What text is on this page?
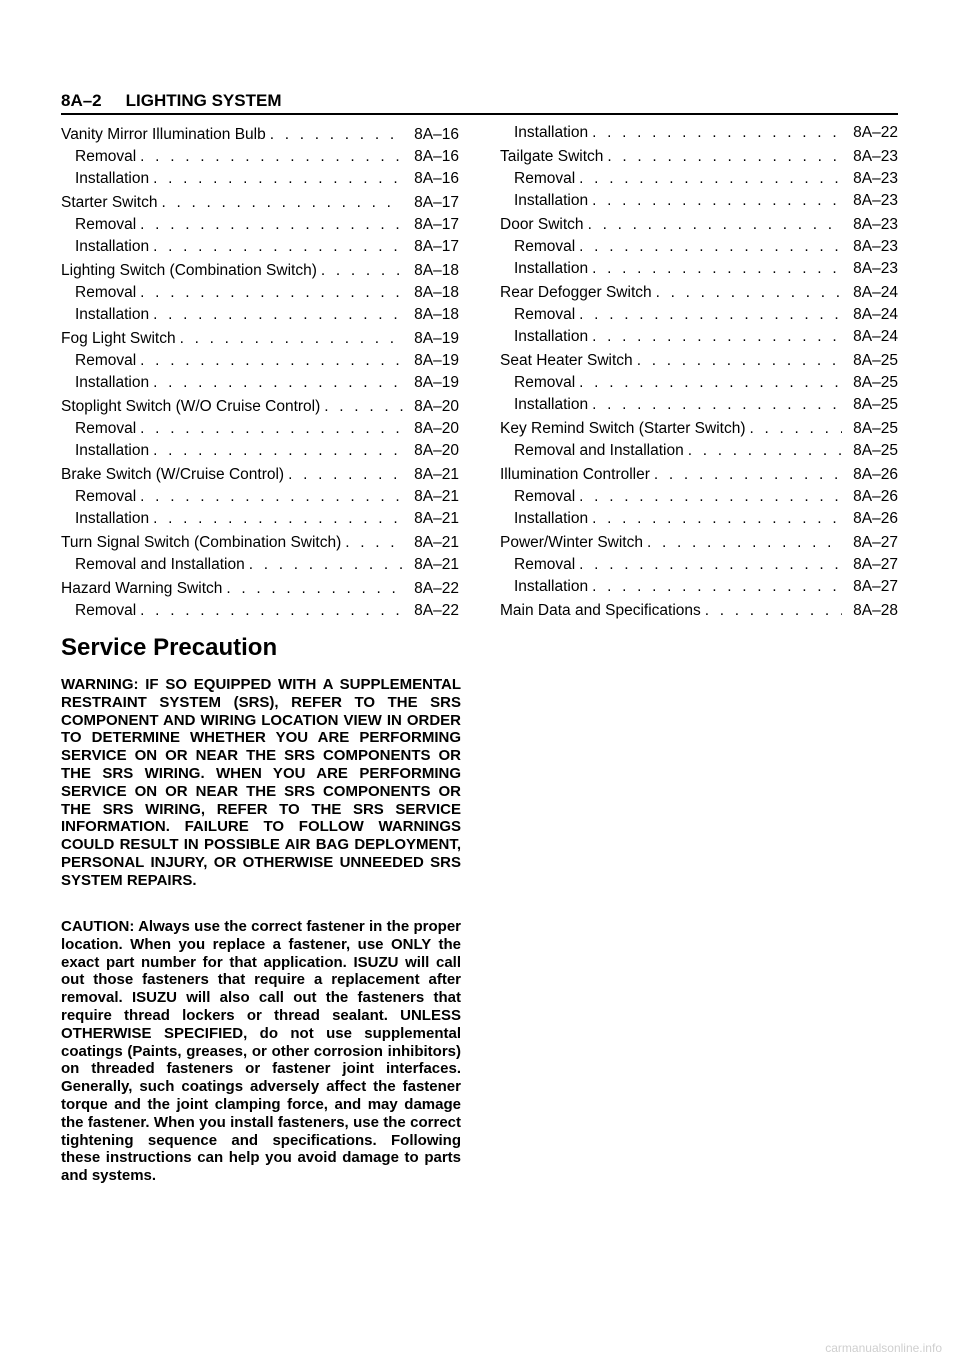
8A–2 LIGHTING SYSTEM
Vanity Mirror Illumination Bulb . . .	8A–16
Removal . . .	8A–16
Installation . . .	8A–16
Starter Switch . . .	8A–17
Removal . . .	8A–17
Installation . . .	8A–17
Lighting Switch (Combination Switch) . . .	8A–18
Removal . . .	8A–18
Installation . . .	8A–18
Fog Light Switch . . .	8A–19
Removal . . .	8A–19
Installation . . .	8A–19
Stoplight Switch (W/O Cruise Control) . . .	8A–20
Removal . . .	8A–20
Installation . . .	8A–20
Brake Switch (W/Cruise Control) . . .	8A–21
Removal . . .	8A–21
Installation . . .	8A–21
Turn Signal Switch (Combination Switch) . . .	8A–21
Removal and Installation . . .	8A–21
Hazard Warning Switch . . .	8A–22
Removal . . .	8A–22
Installation . . .	8A–22
Tailgate Switch . . .	8A–23
Removal . . .	8A–23
Installation . . .	8A–23
Door Switch . . .	8A–23
Removal . . .	8A–23
Installation . . .	8A–23
Rear Defogger Switch . . .	8A–24
Removal . . .	8A–24
Installation . . .	8A–24
Seat Heater Switch . . .	8A–25
Removal . . .	8A–25
Installation . . .	8A–25
Key Remind Switch (Starter Switch) . . .	8A–25
Removal and Installation . . .	8A–25
Illumination Controller . . .	8A–26
Removal . . .	8A–26
Installation . . .	8A–26
Power/Winter Switch . . .	8A–27
Removal . . .	8A–27
Installation . . .	8A–27
Main Data and Specifications . . .	8A–28
Service Precaution

WARNING: IF SO EQUIPPED WITH A SUPPLEMENTAL RESTRAINT SYSTEM (SRS), REFER TO THE SRS COMPONENT AND WIRING LOCATION VIEW IN ORDER TO DETERMINE WHETHER YOU ARE PERFORMING SERVICE ON OR NEAR THE SRS COMPONENTS OR THE SRS WIRING. WHEN YOU ARE PERFORMING SERVICE ON OR NEAR THE SRS COMPONENTS OR THE SRS WIRING, REFER TO THE SRS SERVICE INFORMATION. FAILURE TO FOLLOW WARNINGS COULD RESULT IN POSSIBLE AIR BAG DEPLOYMENT, PERSONAL INJURY, OR OTHERWISE UNNEEDED SRS SYSTEM REPAIRS.

CAUTION: Always use the correct fastener in the proper location. When you replace a fastener, use ONLY the exact part number for that application. ISUZU will call out those fasteners that require a replacement after removal. ISUZU will also call out the fasteners that require thread lockers or thread sealant. UNLESS OTHERWISE SPECIFIED, do not use supplemental coatings (Paints, greases, or other corrosion inhibitors) on threaded fasteners or fastener joint interfaces. Generally, such coatings adversely affect the fastener torque and the joint clamping force, and may damage the fastener. When you install fasteners, use the correct tightening sequence and specifications. Following these instructions can help you avoid damage to parts and systems.

carmanualsonline.info
